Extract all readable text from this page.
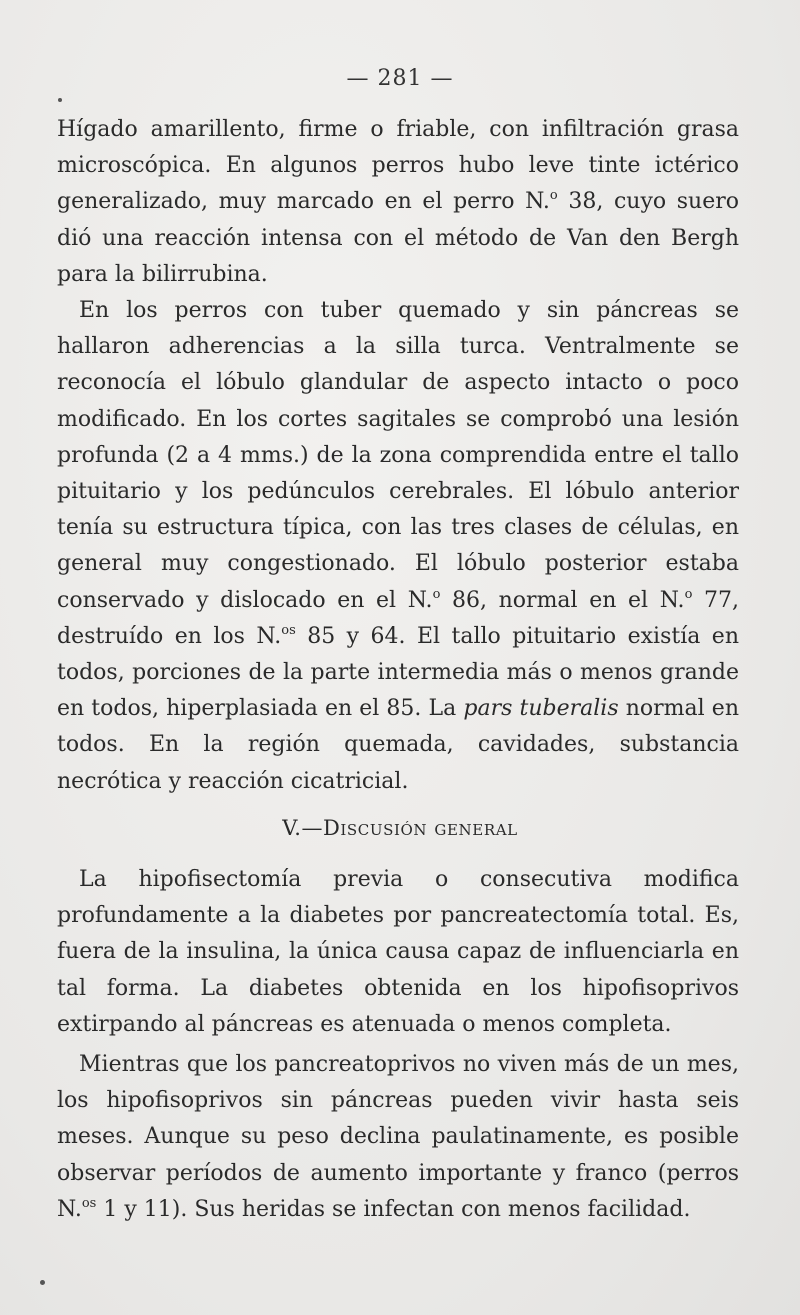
— 281 —

Hígado amarillento, firme o friable, con infiltración grasa microscópica. En algunos perros hubo leve tinte ictérico generalizado, muy marcado en el perro N.$^o$ 38, cuyo suero dió una reacción intensa con el método de Van den Bergh para la bilirrubina.

En los perros con tuber quemado y sin páncreas se hallaron adherencias a la silla turca. Ventralmente se reconocía el lóbulo glandular de aspecto intacto o poco modificado. En los cortes sagitales se comprobó una lesión profunda (2 a 4 mms.) de la zona comprendida entre el tallo pituitario y los pedúnculos cerebrales. El lóbulo anterior tenía su estructura típica, con las tres clases de células, en general muy congestionado. El lóbulo posterior estaba conservado y dislocado en el N.$^o$ 86, normal en el N.$^o$ 77, destruído en los N.$^{os}$ 85 y 64. El tallo pituitario existía en todos, porciones de la parte intermedia más o menos grande en todos, hiperplasiada en el 85. La pars tuberalis normal en todos. En la región quemada, cavidades, substancia necrótica y reacción cicatricial.

V.—Discusión general

La hipofisectomía previa o consecutiva modifica profundamente a la diabetes por pancreatectomía total. Es, fuera de la insulina, la única causa capaz de influenciarla en tal forma. La diabetes obtenida en los hipofisoprivos extirpando al páncreas es atenuada o menos completa.

Mientras que los pancreatoprivos no viven más de un mes, los hipofisoprivos sin páncreas pueden vivir hasta seis meses. Aunque su peso declina paulatinamente, es posible observar períodos de aumento importante y franco (perros N.$^{os}$ 1 y 11). Sus heridas se infectan con menos facilidad.
